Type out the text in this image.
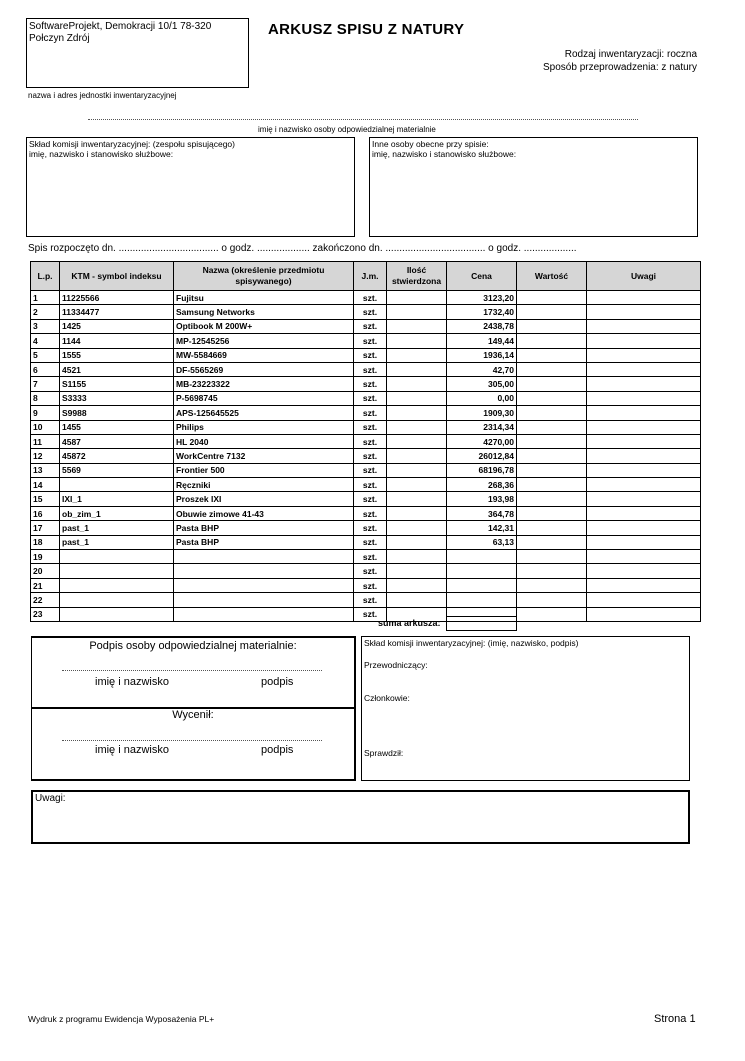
SoftwareProjekt, Demokracji 10/1 78-320
Połczyn Zdrój
nazwa i adres jednostki inwentaryzacyjnej
ARKUSZ SPISU Z NATURY
Rodzaj inwentaryzacji: roczna
Sposób przeprowadzenia: z natury
imię i nazwisko osoby odpowiedzialnej materialnie
Skład komisji inwentaryzacyjnej: (zespołu spisującego)
imię, nazwisko i stanowisko służbowe:
Inne osoby obecne przy spisie:
imię, nazwisko i stanowisko służbowe:
Spis rozpoczęto dn. .................................... o godz. ................... zakończono dn. .................................... o godz. ...................
L.p.	KTM - symbol indeksu	Nazwa (określenie przedmiotu spisywanego)	J.m.	Ilość stwierdzona	Cena	Wartość	Uwagi
1	11225566	Fujitsu	szt.		3123,20		
2	11334477	Samsung Networks	szt.		1732,40		
3	1425	Optibook M 200W+	szt.		2438,78		
4	1144	MP-12545256	szt.		149,44		
5	1555	MW-5584669	szt.		1936,14		
6	4521	DF-5565269	szt.		42,70		
7	S1155	MB-23223322	szt.		305,00		
8	S3333	P-5698745	szt.		0,00		
9	S9988	APS-125645525	szt.		1909,30		
10	1455	Philips	szt.		2314,34		
11	4587	HL 2040	szt.		4270,00		
12	45872	WorkCentre 7132	szt.		26012,84		
13	5569	Frontier 500	szt.		68196,78		
14		Ręczniki	szt.		268,36		
15	IXI_1	Proszek IXI	szt.		193,98		
16	ob_zim_1	Obuwie zimowe 41-43	szt.		364,78		
17	past_1	Pasta BHP	szt.		142,31		
18	past_1	Pasta BHP	szt.		63,13		
19			szt.				
20			szt.				
21			szt.				
22			szt.				
23			szt.				
suma arkusza:
Podpis osoby odpowiedzialnej materialnie:
imię i nazwisko	podpis
Wycenił:
imię i nazwisko	podpis
Skład komisji inwentaryzacyjnej: (imię, nazwisko, podpis)
Przewodniczący:
Członkowie:
Sprawdził:
Uwagi:
Wydruk z programu Ewidencja Wyposażenia PL+	Strona 1
